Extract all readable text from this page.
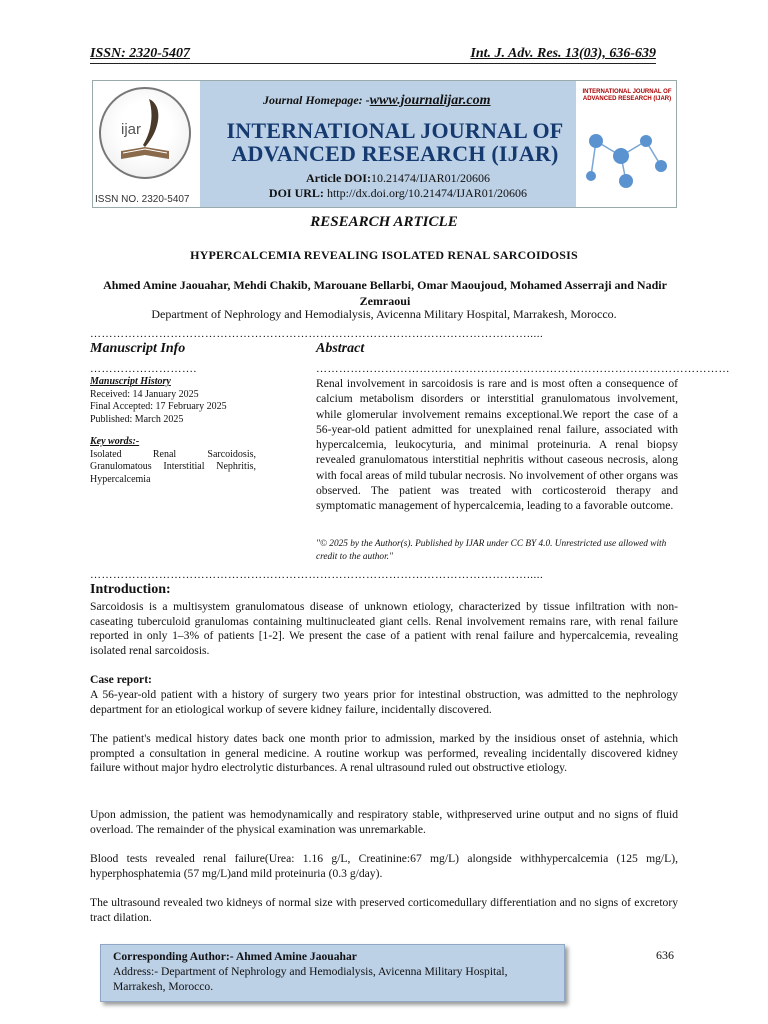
ISSN: 2320-5407	Int. J. Adv. Res. 13(03), 636-639
ijar
ISSN NO. 2320-5407
Journal Homepage: -www.journalijar.com
INTERNATIONAL JOURNAL OF ADVANCED RESEARCH (IJAR)
Article DOI:10.21474/IJAR01/20606
DOI URL: http://dx.doi.org/10.21474/IJAR01/20606
INTERNATIONAL JOURNAL OF ADVANCED RESEARCH (IJAR)
RESEARCH ARTICLE
HYPERCALCEMIA REVEALING ISOLATED RENAL SARCOIDOSIS
Ahmed Amine Jaouahar, Mehdi Chakib, Marouane Bellarbi, Omar Maoujoud, Mohamed Asserraji and Nadir Zemraoui
Department of Nephrology and Hemodialysis, Avicenna Military Hospital, Marrakesh, Morocco.
…………………………………………………………………………………………………….....
Manuscript Info	Abstract
……………………….	………………………………………………………………………………………………
Manuscript History
Received: 14 January 2025
Final Accepted: 17 February 2025
Published: March 2025
Key words:-
Isolated Renal Sarcoidosis, Granulomatous Interstitial Nephritis, Hypercalcemia
Renal involvement in sarcoidosis is rare and is most often a consequence of calcium metabolism disorders or interstitial granulomatous involvement, while glomerular involvement remains exceptional.We report the case of a 56-year-old patient admitted for unexplained renal failure, associated with hypercalcemia, leukocyturia, and minimal proteinuria. A renal biopsy revealed granulomatous interstitial nephritis without caseous necrosis, along with focal areas of mild tubular necrosis. No involvement of other organs was observed. The patient was treated with corticosteroid therapy and symptomatic management of hypercalcemia, leading to a favorable outcome.
"© 2025 by the Author(s). Published by IJAR under CC BY 4.0. Unrestricted use allowed with credit to the author."
…………………………………………………………………………………………………….....
Introduction:
Sarcoidosis is a multisystem granulomatous disease of unknown etiology, characterized by tissue infiltration with non-caseating tuberculoid granulomas containing multinucleated giant cells. Renal involvement remains rare, with renal failure reported in only 1–3% of patients [1-2]. We present the case of a patient with renal failure and hypercalcemia, revealing isolated renal sarcoidosis.
Case report:
A 56-year-old patient with a history of surgery two years prior for intestinal obstruction, was admitted to the nephrology department for an etiological workup of severe kidney failure, incidentally discovered.
The patient's medical history dates back one month prior to admission, marked by the insidious onset of astehnia, which prompted a consultation in general medicine. A routine workup was performed, revealing incidentally discovered kidney failure without major hydro electrolytic disturbances. A renal ultrasound ruled out obstructive etiology.
Upon admission, the patient was hemodynamically and respiratory stable, withpreserved urine output and no signs of fluid overload. The remainder of the physical examination was unremarkable.
Blood tests revealed renal failure(Urea: 1.16 g/L, Creatinine:67 mg/L) alongside withhypercalcemia (125 mg/L), hyperphosphatemia (57 mg/L)and mild proteinuria (0.3 g/day).
The ultrasound revealed two kidneys of normal size with preserved corticomedullary differentiation and no signs of excretory tract dilation.
Corresponding Author:- Ahmed Amine Jaouahar
Address:- Department of Nephrology and Hemodialysis, Avicenna Military Hospital, Marrakesh, Morocco.
636
